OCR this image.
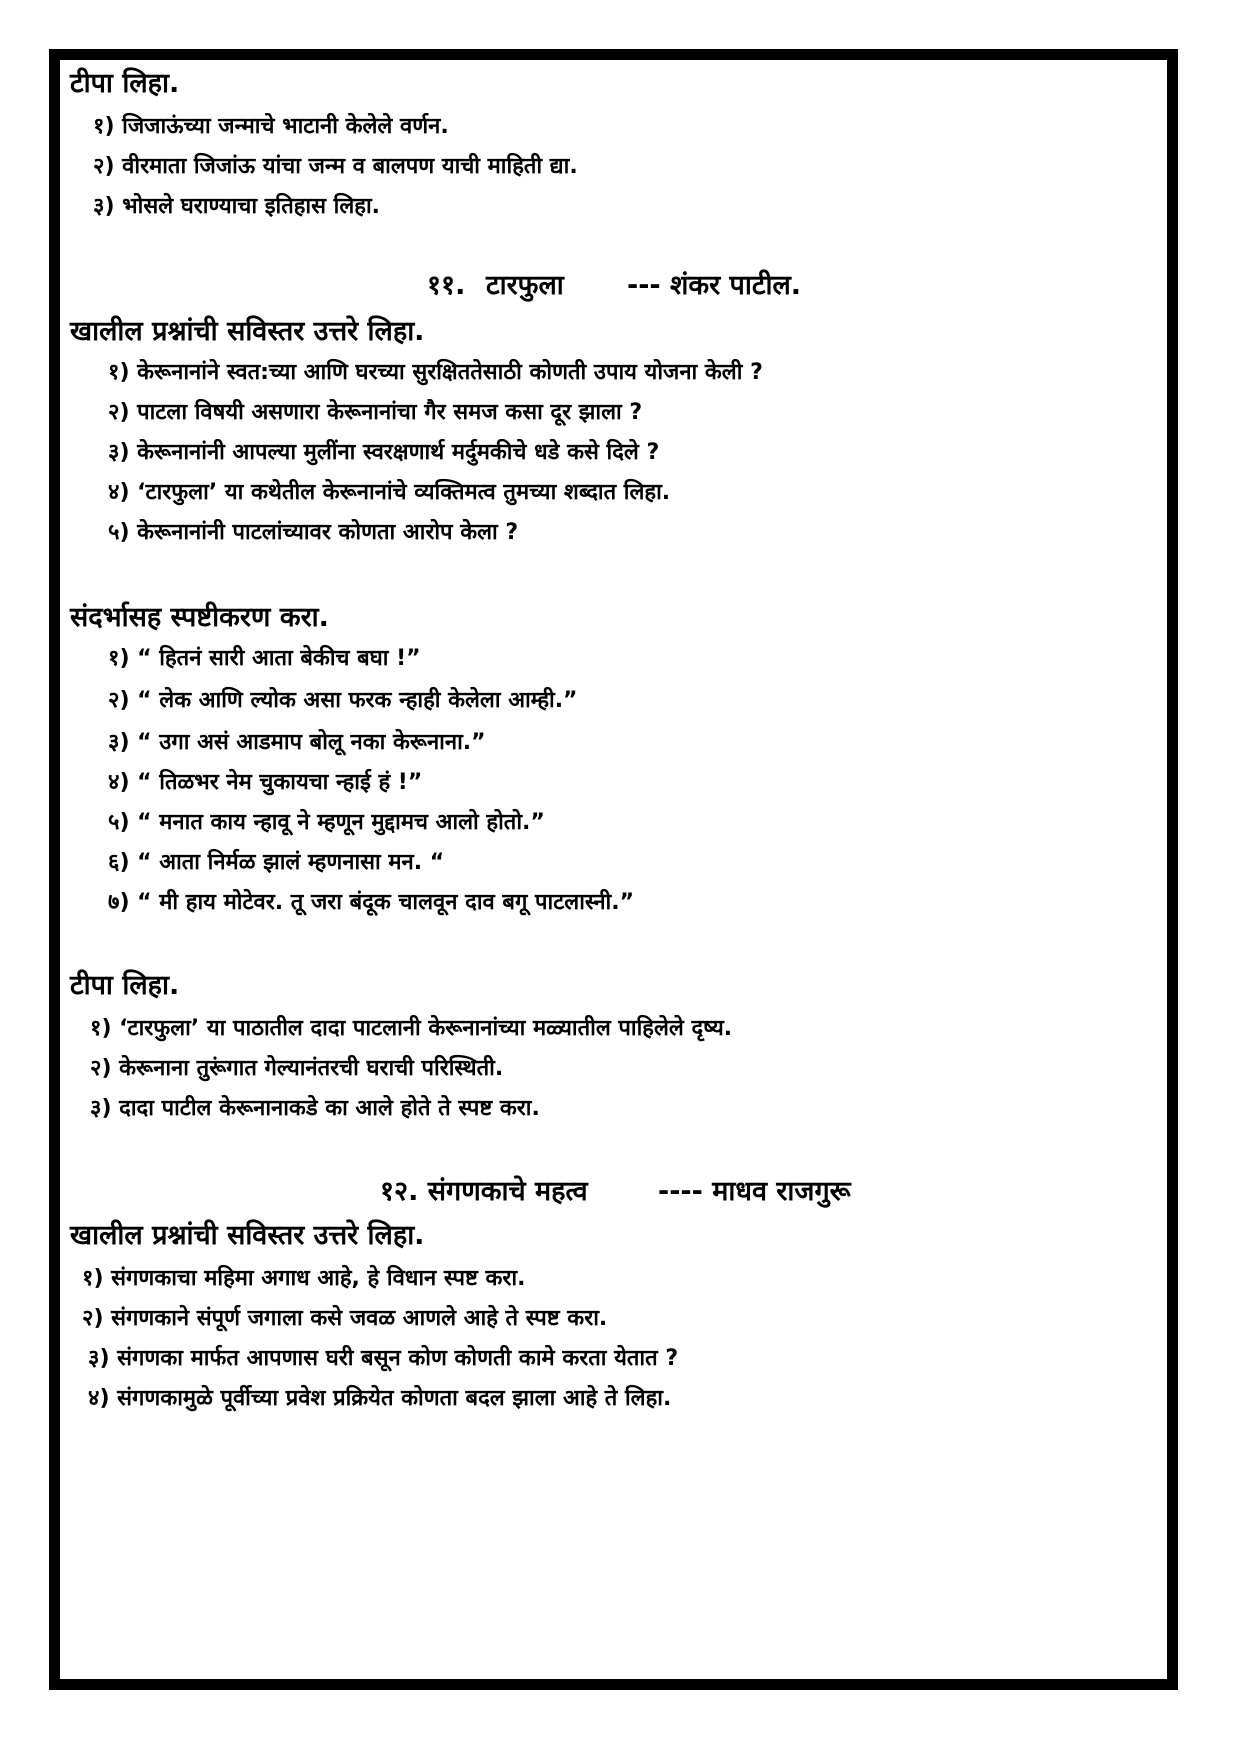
टीपा लिहा.
१) जिजाऊंच्या जन्माचे भाटानी केलेले वर्णन.
२) वीरमाता जिजांऊ यांचा जन्म व बालपण याची माहिती द्या.
३) भोसले घराण्याचा इतिहास लिहा.
११. टारफुला --- शंकर पाटील.
खालील प्रश्नांची सविस्तर उत्तरे लिहा.
१) केरूनानांने स्वत:च्या आणि घरच्या सुरक्षिततेसाठी कोणती उपाय योजना केली ?
२) पाटला विषयी असणारा केरूनानांचा गैर समज कसा दूर झाला ?
३) केरूनानांनी आपल्या मुलींना स्वरक्षणार्थ मर्दुमकीचे धडे कसे दिले ?
४) ‘टारफुला’ या कथेतील केरूनानांचे व्यक्तिमत्व तुमच्या शब्दात लिहा.
५) केरूनानांनी पाटलांच्यावर कोणता आरोप केला ?
संदर्भासह स्पष्टीकरण करा.
१) “ हितनं सारी आता बेकीच बघा !”
२) “ लेक आणि ल्योक असा फरक न्हाही केलेला आम्ही.”
३) “ उगा असं आडमाप बोलू नका केरूनाना.”
४) “ तिळभर नेम चुकायचा न्हाई हं !”
५) “ मनात काय न्हावू ने म्हणून मुद्दामच आलो होतो.”
६) “ आता निर्मळ झालं म्हणनासा मन. “
७) “ मी हाय मोटेवर. तू जरा बंदूक चालवून दाव बगू पाटलास्नी.”
टीपा लिहा.
१) ‘टारफुला’ या पाठातील दादा पाटलानी केरूनानांच्या मळ्यातील पाहिलेले दृष्य.
२) केरूनाना तुरूंगात गेल्यानंतरची घराची परिस्थिती.
३) दादा पाटील केरूनानाकडे का आले होते ते स्पष्ट करा.
१२. संगणकाचे महत्व	---- माधव राजगुरू
खालील प्रश्नांची सविस्तर उत्तरे लिहा.
१) संगणकाचा महिमा अगाध आहे, हे विधान स्पष्ट करा.
२) संगणकाने संपूर्ण जगाला कसे जवळ आणले आहे ते स्पष्ट करा.
३) संगणका मार्फत आपणास घरी बसून कोण कोणती कामे करता येतात ?
४) संगणकामुळे पूर्वीच्या प्रवेश प्रक्रियेत कोणता बदल झाला आहे ते लिहा.
